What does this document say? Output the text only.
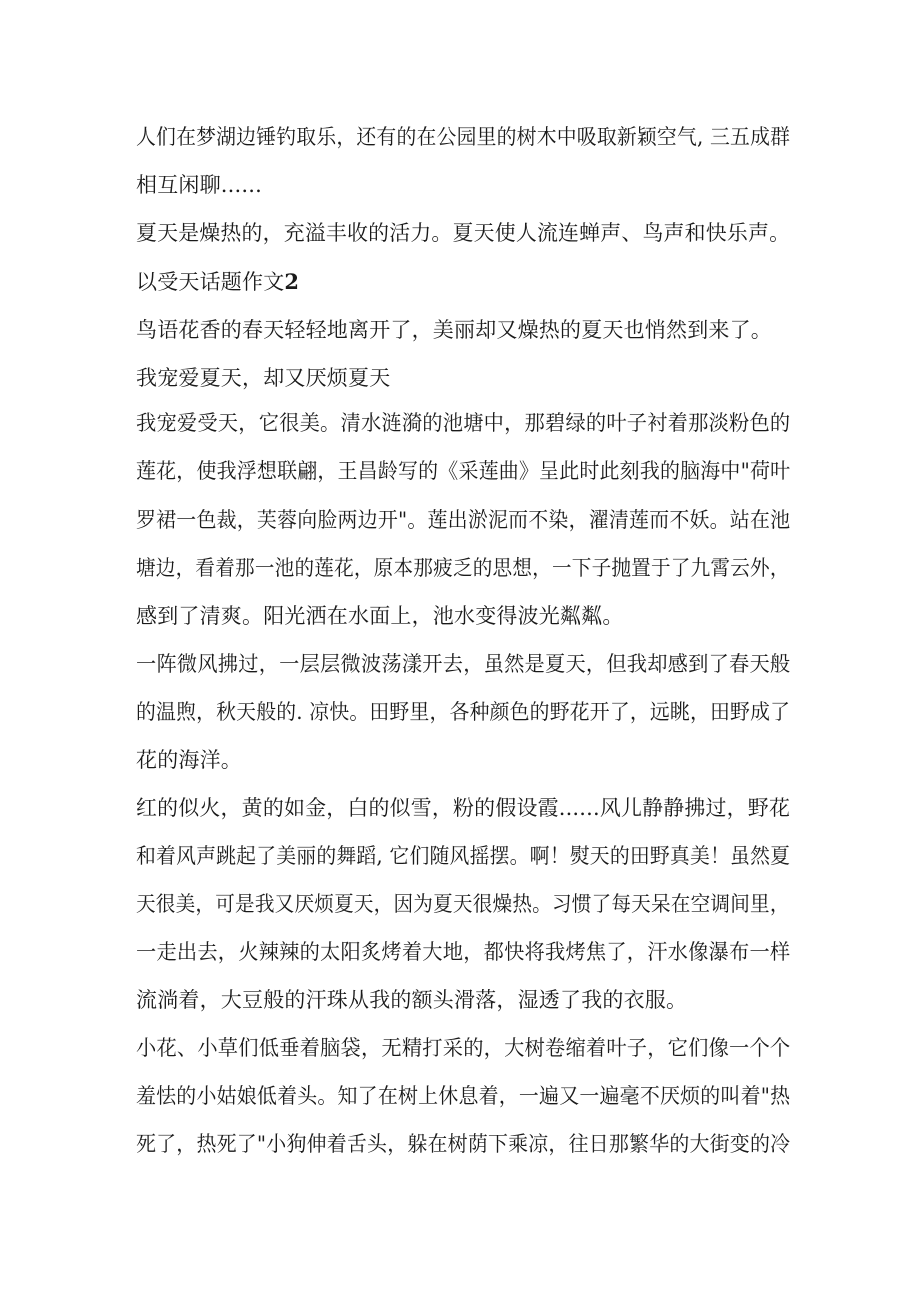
人们在梦湖边锤钓取乐，还有的在公园里的树木中吸取新颖空气, 三五成群

相互闲聊......

夏天是燥热的，充溢丰收的活力。夏天使人流连蝉声、鸟声和快乐声。

以受天话题作文2

鸟语花香的春天轻轻地离开了，美丽却又燥热的夏天也悄然到来了。

我宠爱夏天，却又厌烦夏天

我宠爱受天，它很美。清水涟漪的池塘中，那碧绿的叶子衬着那淡粉色的

莲花，使我浮想联翩，王昌龄写的《采莲曲》呈此时此刻我的脑海中"荷叶

罗裙一色裁，芙蓉向脸两边开"。莲出淤泥而不染，濯清莲而不妖。站在池

塘边，看着那一池的莲花，原本那疲乏的思想，一下子抛置于了九霄云外，

感到了清爽。阳光洒在水面上，池水变得波光粼粼。

一阵微风拂过，一层层微波荡漾开去，虽然是夏天，但我却感到了春天般

的温煦，秋天般的. 凉快。田野里，各种颜色的野花开了，远眺，田野成了

花的海洋。

红的似火，黄的如金，白的似雪，粉的假设霞......风儿静静拂过，野花

和着风声跳起了美丽的舞蹈, 它们随风摇摆。啊！熨天的田野真美！虽然夏

天很美，可是我又厌烦夏天，因为夏天很燥热。习惯了每天呆在空调间里，

一走出去，火辣辣的太阳炙烤着大地，都快将我烤焦了，汗水像瀑布一样

流淌着，大豆般的汗珠从我的额头滑落，湿透了我的衣服。

小花、小草们低垂着脑袋，无精打采的，大树卷缩着叶子，它们像一个个

羞怯的小姑娘低着头。知了在树上休息着，一遍又一遍毫不厌烦的叫着"热

死了，热死了"小狗伸着舌头，躲在树荫下乘凉，往日那繁华的大街变的冷
